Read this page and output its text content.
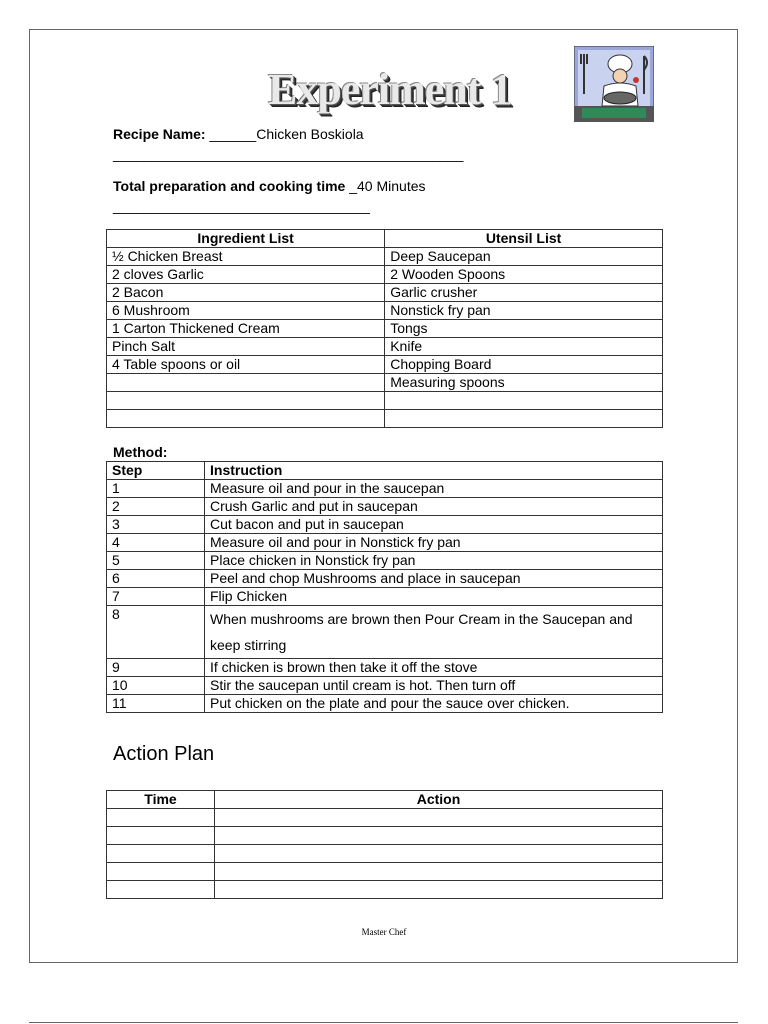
Experiment 1
Recipe Name: ______Chicken Boskiola
_____________________________________________
Total preparation and cooking time _40 Minutes
_________________________________
Ingredient List	Utensil List
½ Chicken Breast	Deep Saucepan
2 cloves Garlic	2 Wooden Spoons
2 Bacon	Garlic crusher
6 Mushroom	Nonstick fry pan
1 Carton Thickened Cream	Tongs
Pinch Salt	Knife
4 Table spoons or oil	Chopping Board
	Measuring spoons

Method:
Step	Instruction
1	Measure oil and pour in the saucepan
2	Crush Garlic and put in saucepan
3	Cut bacon and put in saucepan
4	Measure oil and pour in Nonstick fry pan
5	Place chicken in Nonstick fry pan
6	Peel and chop Mushrooms and place in saucepan
7	Flip Chicken
8	When mushrooms are brown then Pour Cream in the Saucepan and keep stirring
9	If chicken is brown then take it off the stove
10	Stir the saucepan until cream is hot. Then turn off
11	Put chicken on the plate and pour the sauce over chicken.
Action Plan
Time	Action

Master Chef
